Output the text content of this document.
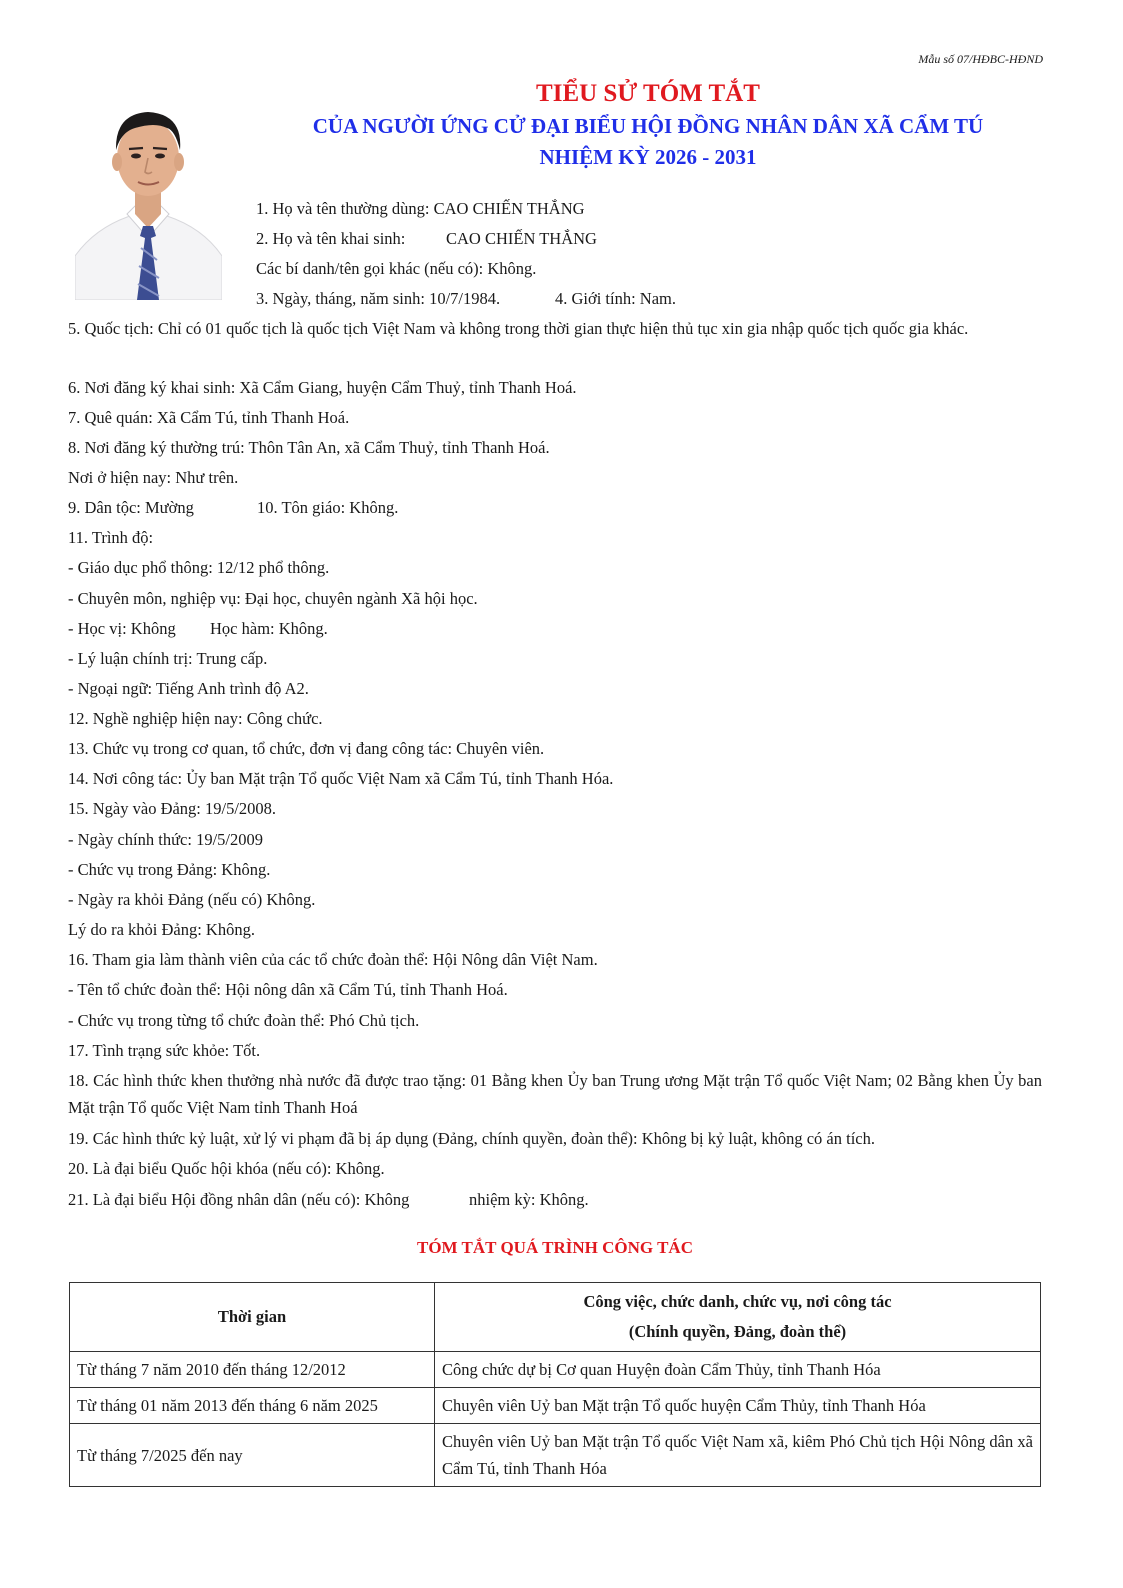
Mẫu số 07/HĐBC-HĐND
TIỂU SỬ TÓM TẮT
CỦA NGƯỜI ỨNG CỬ ĐẠI BIỂU HỘI ĐỒNG NHÂN DÂN XÃ CẨM TÚ
NHIỆM KỲ 2026 - 2031
1. Họ và tên thường dùng: CAO CHIẾN THẮNG
2. Họ và tên khai sinh: CAO CHIẾN THẮNG
Các bí danh/tên gọi khác (nếu có): Không.
3. Ngày, tháng, năm sinh: 10/7/1984.	4. Giới tính: Nam.
5. Quốc tịch: Chỉ có 01 quốc tịch là quốc tịch Việt Nam và không trong thời gian thực hiện thủ tục xin gia nhập quốc tịch quốc gia khác.
6. Nơi đăng ký khai sinh: Xã Cẩm Giang, huyện Cẩm Thuỷ, tỉnh Thanh Hoá.
7. Quê quán: Xã Cẩm Tú, tỉnh Thanh Hoá.
8. Nơi đăng ký thường trú: Thôn Tân An, xã Cẩm Thuỷ, tỉnh Thanh Hoá.
Nơi ở hiện nay: Như trên.
9. Dân tộc: Mường	10. Tôn giáo: Không.
11. Trình độ:
- Giáo dục phổ thông: 12/12 phổ thông.
- Chuyên môn, nghiệp vụ: Đại học, chuyên ngành Xã hội học.
- Học vị: Không Học hàm: Không.
- Lý luận chính trị: Trung cấp.
- Ngoại ngữ: Tiếng Anh trình độ A2.
12. Nghề nghiệp hiện nay: Công chức.
13. Chức vụ trong cơ quan, tổ chức, đơn vị đang công tác: Chuyên viên.
14. Nơi công tác: Ủy ban Mặt trận Tổ quốc Việt Nam xã Cẩm Tú, tỉnh Thanh Hóa.
15. Ngày vào Đảng: 19/5/2008.
- Ngày chính thức: 19/5/2009
- Chức vụ trong Đảng: Không.
- Ngày ra khỏi Đảng (nếu có) Không.
Lý do ra khỏi Đảng: Không.
16. Tham gia làm thành viên của các tổ chức đoàn thể: Hội Nông dân Việt Nam.
- Tên tổ chức đoàn thể: Hội nông dân xã Cẩm Tú, tỉnh Thanh Hoá.
- Chức vụ trong từng tổ chức đoàn thể: Phó Chủ tịch.
17. Tình trạng sức khỏe: Tốt.
18. Các hình thức khen thưởng nhà nước đã được trao tặng: 01 Bằng khen Ủy ban Trung ương Mặt trận Tổ quốc Việt Nam; 02 Bằng khen Ủy ban Mặt trận Tổ quốc Việt Nam tỉnh Thanh Hoá
19. Các hình thức kỷ luật, xử lý vi phạm đã bị áp dụng (Đảng, chính quyền, đoàn thể): Không bị kỷ luật, không có án tích.
20. Là đại biểu Quốc hội khóa (nếu có): Không.
21. Là đại biểu Hội đồng nhân dân (nếu có): Không	nhiệm kỳ: Không.
TÓM TẮT QUÁ TRÌNH CÔNG TÁC
Thời gian	Công việc, chức danh, chức vụ, nơi công tác
(Chính quyền, Đảng, đoàn thể)

Từ tháng 7 năm 2010 đến tháng 12/2012	Công chức dự bị Cơ quan Huyện đoàn Cẩm Thủy, tỉnh Thanh Hóa
Từ tháng 01 năm 2013 đến tháng 6 năm 2025	Chuyên viên Uỷ ban Mặt trận Tổ quốc huyện Cẩm Thủy, tỉnh Thanh Hóa
Từ tháng 7/2025 đến nay	Chuyên viên Uỷ ban Mặt trận Tổ quốc Việt Nam xã, kiêm Phó Chủ tịch Hội Nông dân xã Cẩm Tú, tỉnh Thanh Hóa
